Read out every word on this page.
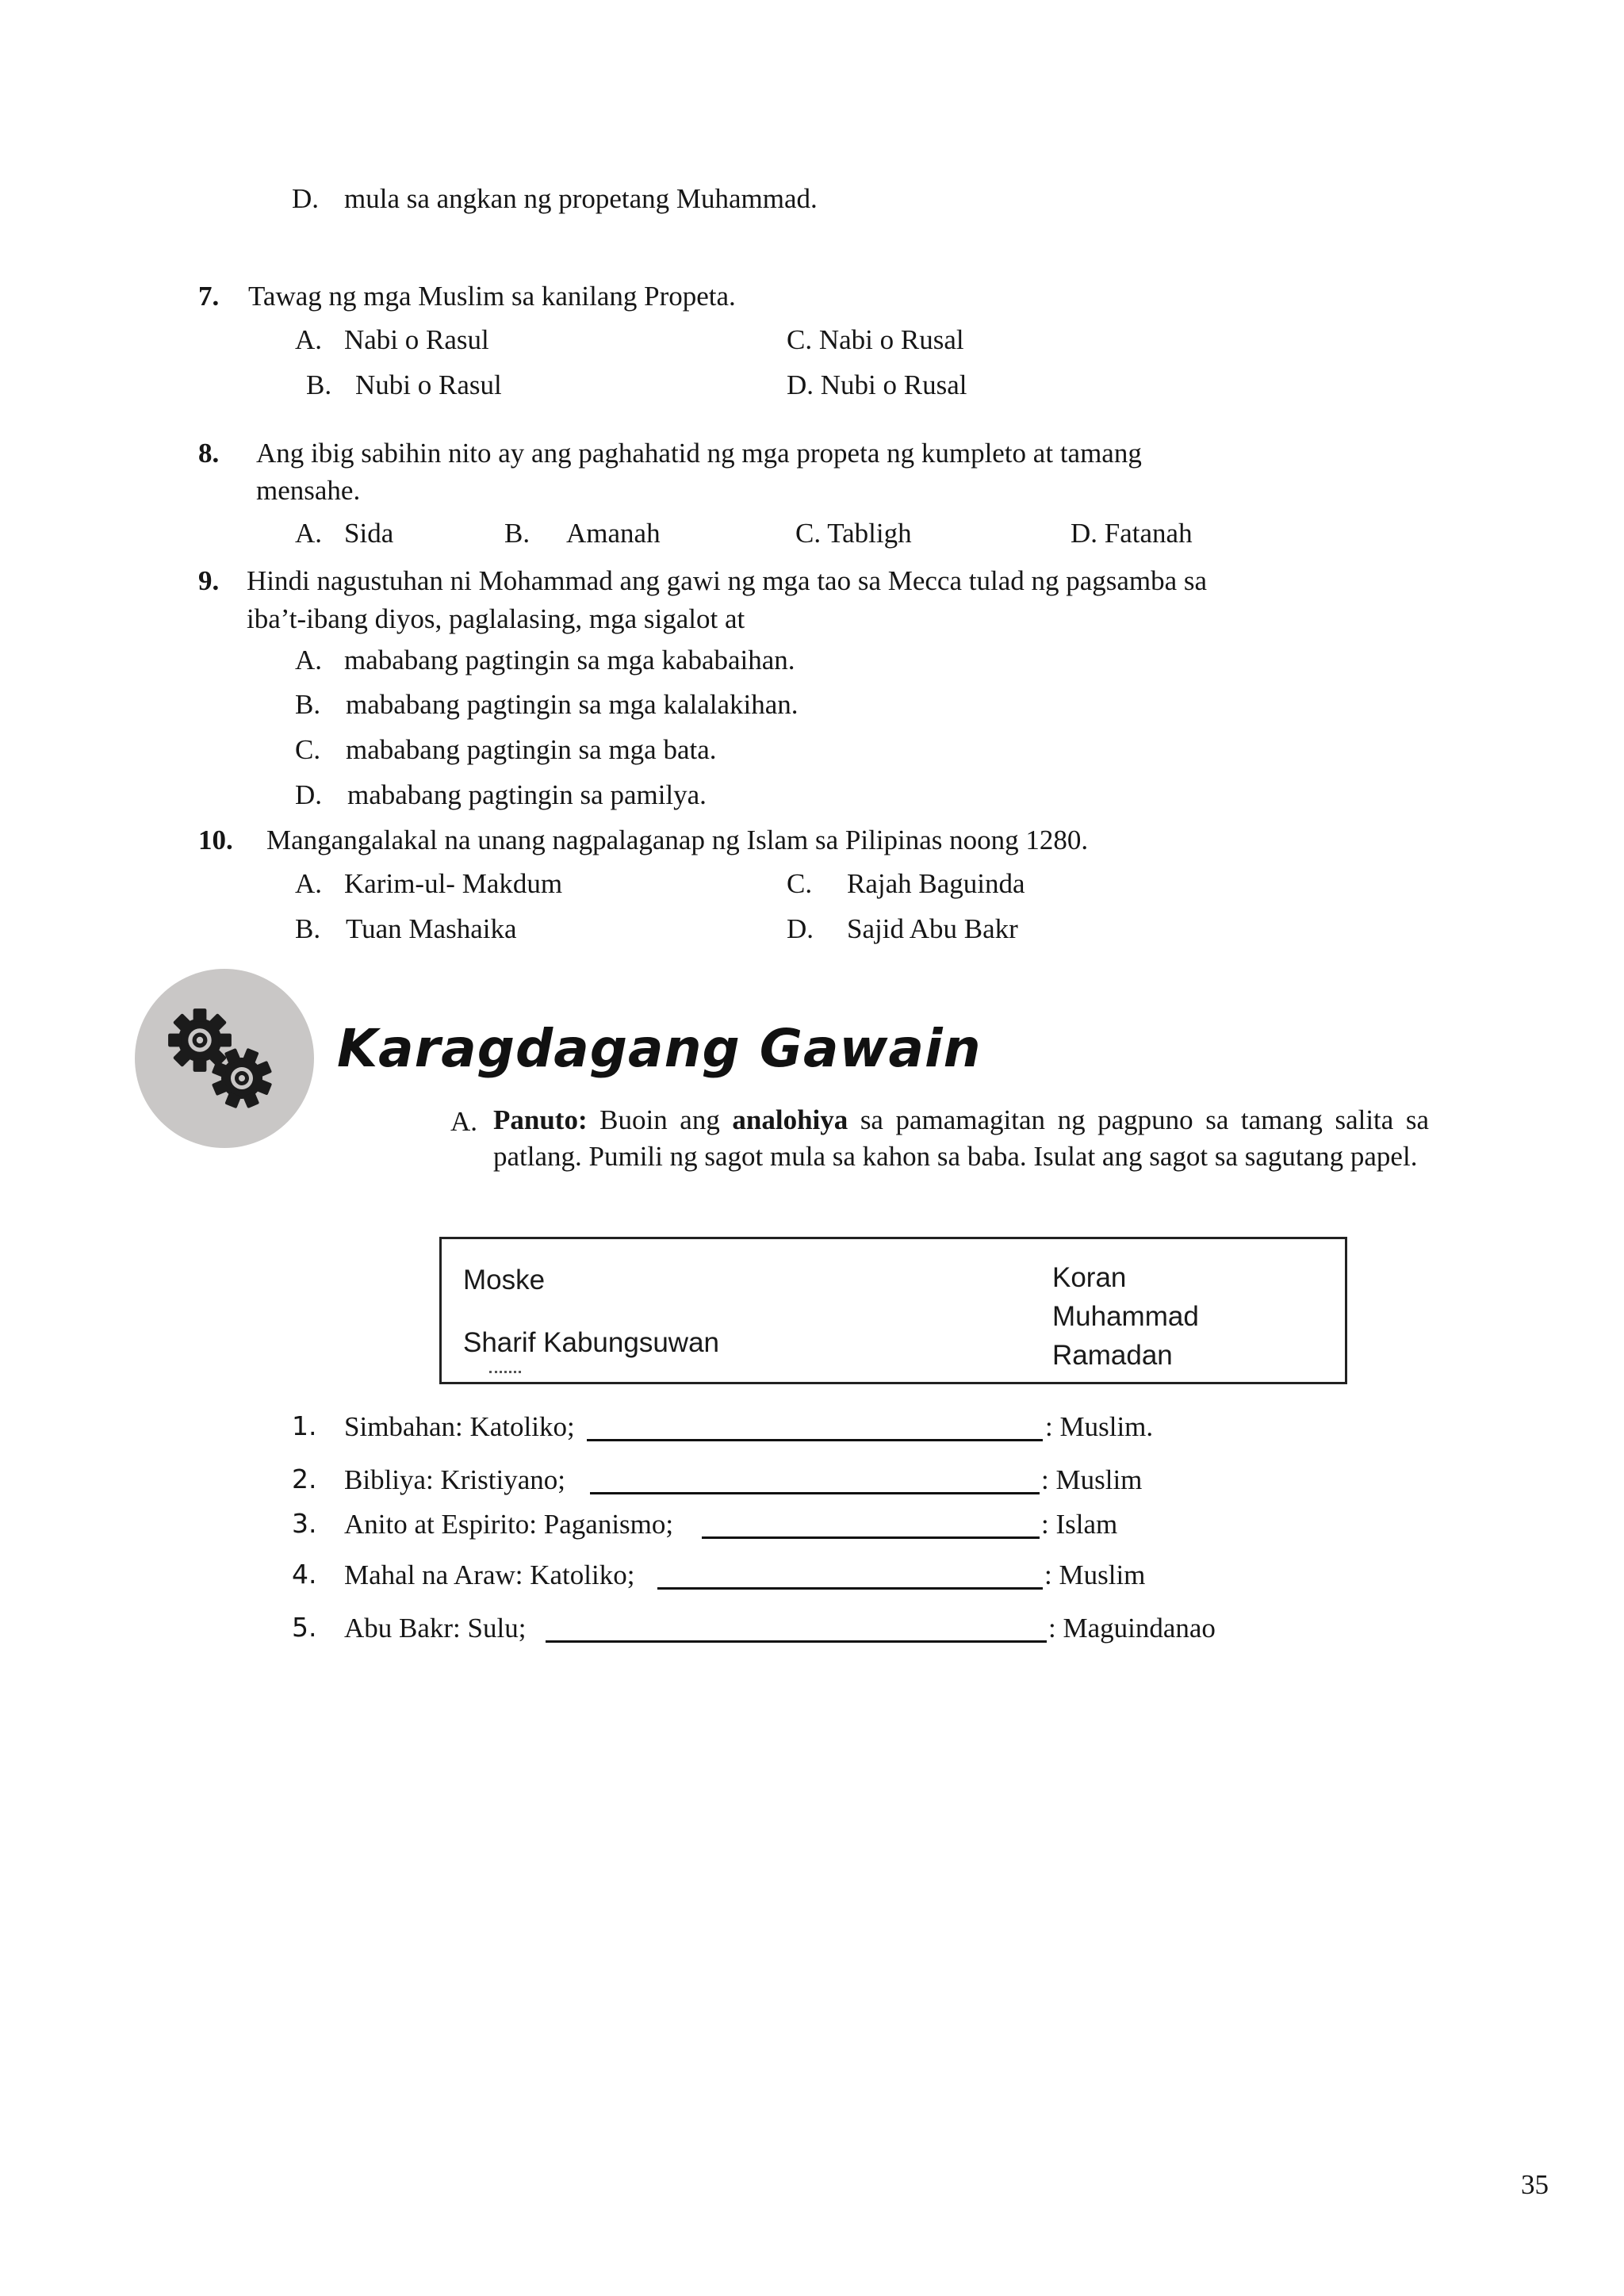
D. mula sa angkan ng propetang Muhammad.
7. Tawag ng mga Muslim sa kanilang Propeta.
A. Nabi o Rasul
B. Nubi o Rasul
C. Nabi o Rusal
D. Nubi o Rusal
8. Ang ibig sabihin nito ay ang paghahatid ng mga propeta ng kumpleto at tamang
mensahe.
A. Sida	B. Amanah	C. Tabligh	D. Fatanah
9. Hindi nagustuhan ni Mohammad ang gawi ng mga tao sa Mecca tulad ng pagsamba sa
iba’t-ibang diyos, paglalasing, mga sigalot at
A. mababang pagtingin sa mga kababaihan.
B. mababang pagtingin sa mga kalalakihan.
C. mababang pagtingin sa mga bata.
D. mababang pagtingin sa pamilya.
10. Mangangalakal na unang nagpalaganap ng Islam sa Pilipinas noong 1280.
A. Karim-ul- Makdum
B. Tuan Mashaika
C. Rajah Baguinda
D. Sajid Abu Bakr
Karagdagang Gawain
A. Panuto: Buoin ang analohiya sa pamamagitan ng pagpuno sa tamang salita sa patlang. Pumili ng sagot mula sa kahon sa baba. Isulat ang sagot sa sagutang papel.
Moske
Sharif Kabungsuwan
Koran
Muhammad
Ramadan
1. Simbahan: Katoliko;	: Muslim.
2. Bibliya: Kristiyano;	: Muslim
3. Anito at Espirito: Paganismo;	: Islam
4. Mahal na Araw: Katoliko;	: Muslim
5. Abu Bakr: Sulu;	: Maguindanao
35
